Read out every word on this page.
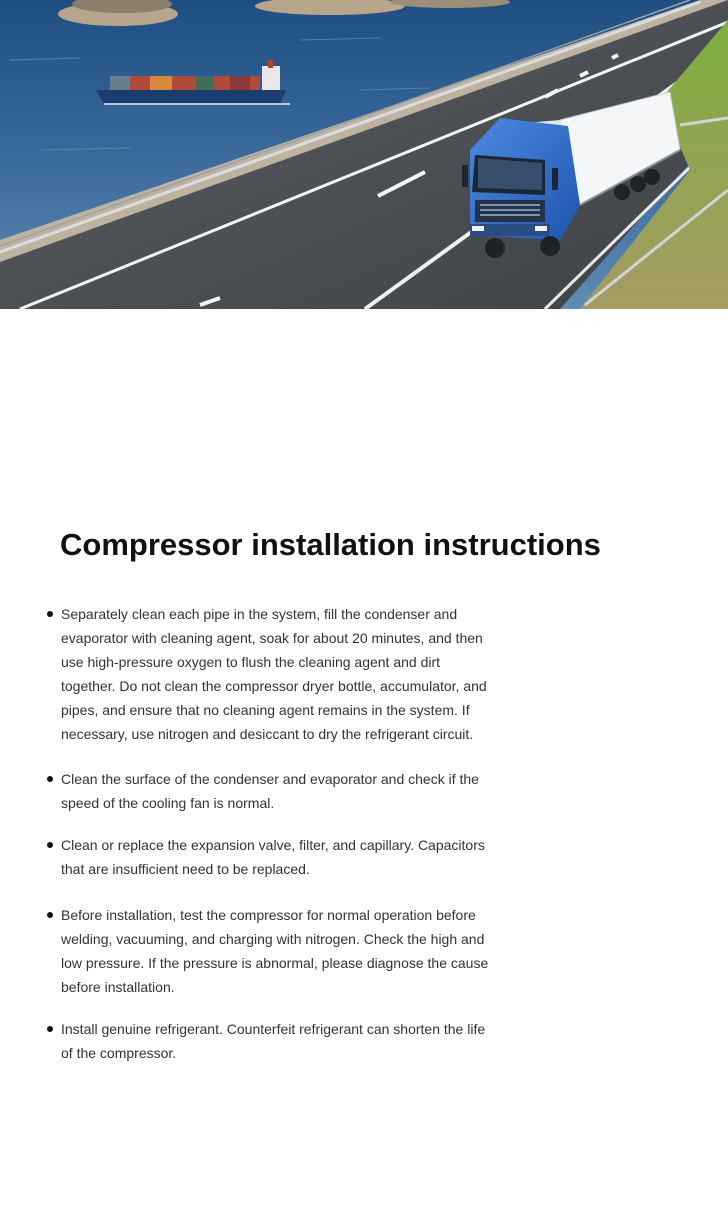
Compressor installation instructions
Separately clean each pipe in the system, fill the condenser and evaporator with cleaning agent, soak for about 20 minutes, and then use high-pressure oxygen to flush the cleaning agent and dirt together. Do not clean the compressor dryer bottle, accumulator, and pipes, and ensure that no cleaning agent remains in the system. If necessary, use nitrogen and desiccant to dry the refrigerant circuit.
Clean the surface of the condenser and evaporator and check if the speed of the cooling fan is normal.
Clean or replace the expansion valve, filter, and capillary. Capacitors that are insufficient need to be replaced.
Before installation, test the compressor for normal operation before welding, vacuuming, and charging with nitrogen. Check the high and low pressure. If the pressure is abnormal, please diagnose the cause before installation.
Install genuine refrigerant. Counterfeit refrigerant can shorten the life of the compressor.
